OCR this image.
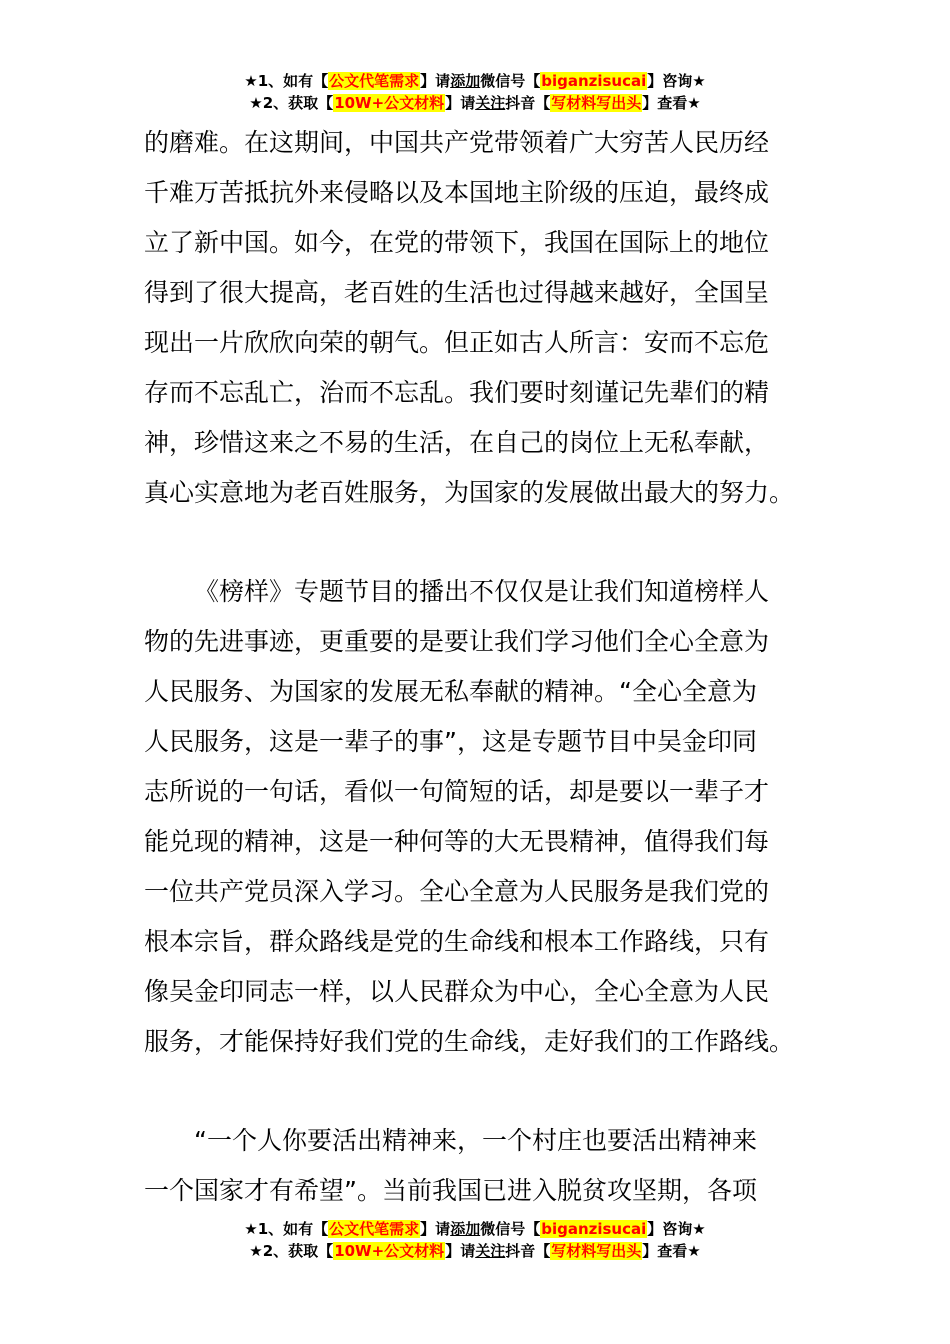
★1、如有【公文代笔需求】请添加微信号【biganzisucai】咨询★
★2、获取【10W+公文材料】请关注抖音【写材料写出头】查看★
的磨难。在这期间，中国共产党带领着广大穷苦人民历经
千难万苦抵抗外来侵略以及本国地主阶级的压迫，最终成
立了新中国。如今，在党的带领下，我国在国际上的地位
得到了很大提高，老百姓的生活也过得越来越好，全国呈
现出一片欣欣向荣的朝气。但正如古人所言：安而不忘危
存而不忘乱亡，治而不忘乱。我们要时刻谨记先辈们的精
神，珍惜这来之不易的生活，在自己的岗位上无私奉献，
真心实意地为老百姓服务，为国家的发展做出最大的努力。
《榜样》专题节目的播出不仅仅是让我们知道榜样人
物的先进事迹，更重要的是要让我们学习他们全心全意为
人民服务、为国家的发展无私奉献的精神。“全心全意为
人民服务，这是一辈子的事”，这是专题节目中吴金印同
志所说的一句话，看似一句简短的话，却是要以一辈子才
能兑现的精神，这是一种何等的大无畏精神，值得我们每
一位共产党员深入学习。全心全意为人民服务是我们党的
根本宗旨，群众路线是党的生命线和根本工作路线，只有
像吴金印同志一样，以人民群众为中心，全心全意为人民
服务，才能保持好我们党的生命线，走好我们的工作路线。
“一个人你要活出精神来，一个村庄也要活出精神来
一个国家才有希望”。当前我国已进入脱贫攻坚期，各项
★1、如有【公文代笔需求】请添加微信号【biganzisucai】咨询★
★2、获取【10W+公文材料】请关注抖音【写材料写出头】查看★
